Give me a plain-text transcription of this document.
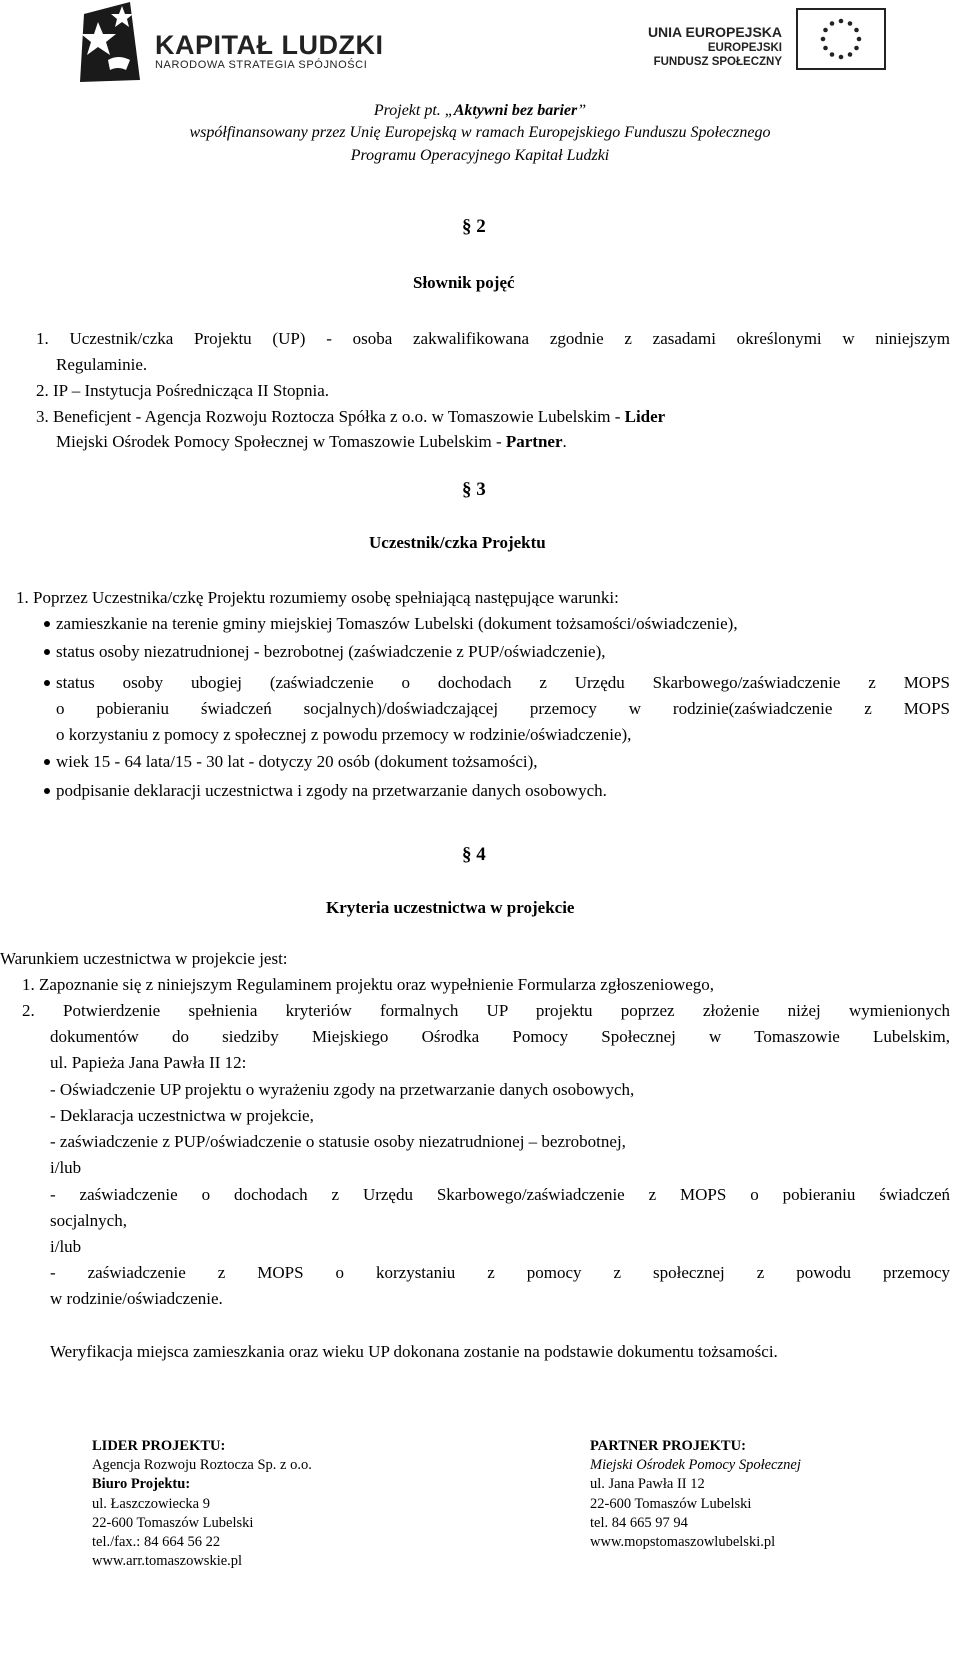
KAPITAŁ LUDZKI
NARODOWA STRATEGIA SPÓJNOŚCI
UNIA EUROPEJSKA
EUROPEJSKI
FUNDUSZ SPOŁECZNY
Projekt pt. „Aktywni bez barier”
współfinansowany przez Unię Europejską w ramach Europejskiego Funduszu Społecznego
Programu Operacyjnego Kapitał Ludzki
§ 2
Słownik pojęć
1. Uczestnik/czka Projektu (UP) - osoba zakwalifikowana zgodnie z zasadami określonymi w niniejszym
Regulaminie.
2. IP – Instytucja Pośrednicząca II Stopnia.
3. Beneficjent - Agencja Rozwoju Roztocza Spółka z o.o. w Tomaszowie Lubelskim - Lider
Miejski Ośrodek Pomocy Społecznej w Tomaszowie Lubelskim - Partner.
§ 3
Uczestnik/czka Projektu
1. Poprzez Uczestnika/czkę Projektu rozumiemy osobę spełniającą następujące warunki:
zamieszkanie na terenie gminy miejskiej Tomaszów Lubelski (dokument tożsamości/oświadczenie),
status osoby niezatrudnionej - bezrobotnej (zaświadczenie z PUP/oświadczenie),
status osoby ubogiej (zaświadczenie o dochodach z Urzędu Skarbowego/zaświadczenie z MOPS
o pobieraniu świadczeń socjalnych)/doświadczającej przemocy w rodzinie(zaświadczenie z MOPS
o korzystaniu z pomocy z społecznej z powodu przemocy w rodzinie/oświadczenie),
wiek 15 - 64 lata/15 - 30 lat - dotyczy 20 osób (dokument tożsamości),
podpisanie deklaracji uczestnictwa i zgody na przetwarzanie danych osobowych.
§ 4
Kryteria uczestnictwa w projekcie
Warunkiem uczestnictwa w projekcie jest:
1. Zapoznanie się z niniejszym Regulaminem projektu oraz wypełnienie Formularza zgłoszeniowego,
2. Potwierdzenie spełnienia kryteriów formalnych UP projektu poprzez złożenie niżej wymienionych
dokumentów do siedziby Miejskiego Ośrodka Pomocy Społecznej w Tomaszowie Lubelskim,
ul. Papieża Jana Pawła II 12:
- Oświadczenie UP projektu o wyrażeniu zgody na przetwarzanie danych osobowych,
- Deklaracja uczestnictwa w projekcie,
- zaświadczenie z PUP/oświadczenie o statusie osoby niezatrudnionej – bezrobotnej,
i/lub
- zaświadczenie o dochodach z Urzędu Skarbowego/zaświadczenie z MOPS o pobieraniu świadczeń
socjalnych,
i/lub
- zaświadczenie z MOPS o korzystaniu z pomocy z społecznej z powodu przemocy
w rodzinie/oświadczenie.
Weryfikacja miejsca zamieszkania oraz wieku UP dokonana zostanie na podstawie dokumentu tożsamości.
LIDER PROJEKTU:
Agencja Rozwoju Roztocza Sp. z o.o.
Biuro Projektu:
ul. Łaszczowiecka 9
22-600 Tomaszów Lubelski
tel./fax.: 84 664 56 22
www.arr.tomaszowskie.pl
PARTNER PROJEKTU:
Miejski Ośrodek Pomocy Społecznej
ul. Jana Pawła II 12
22-600 Tomaszów Lubelski
tel. 84 665 97 94
www.mopstomaszowlubelski.pl
